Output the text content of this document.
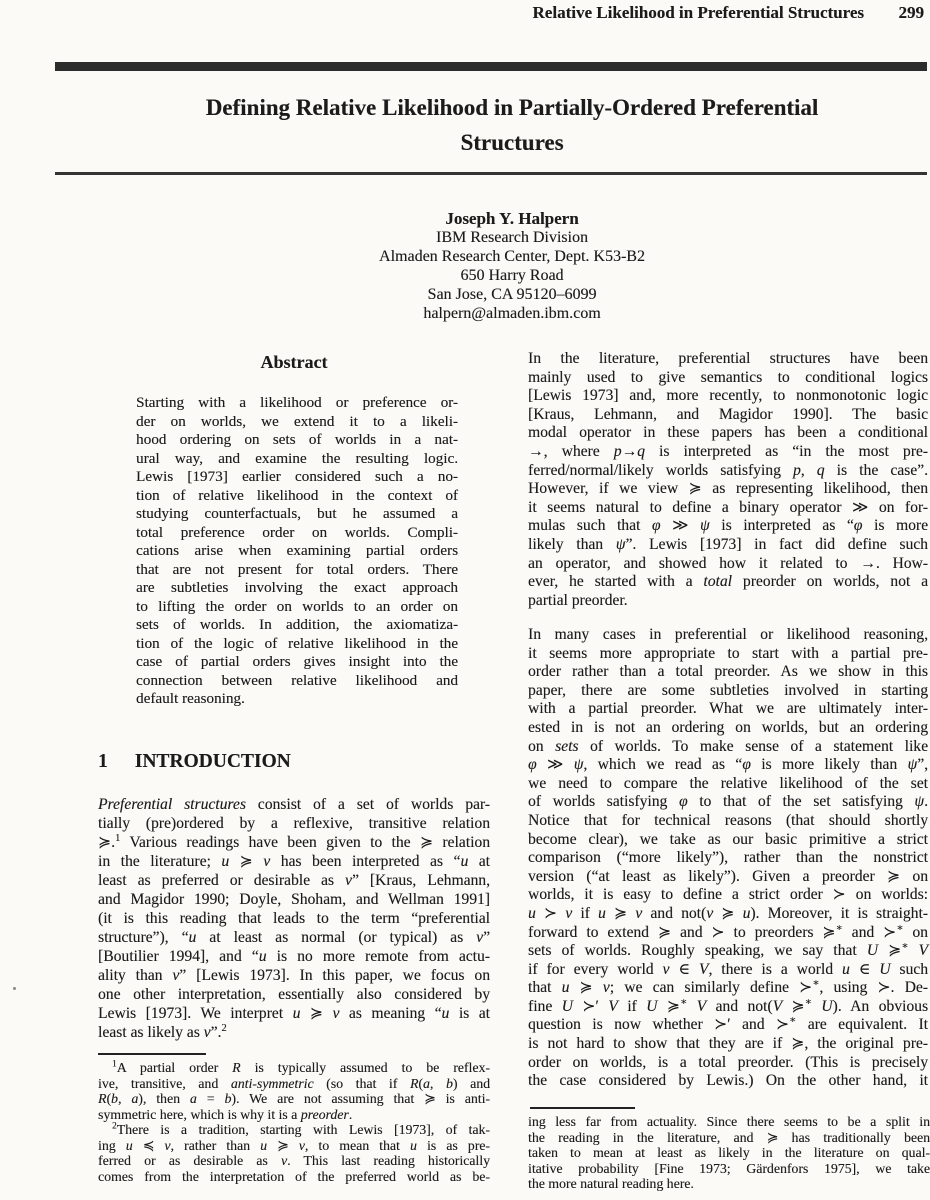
Relative Likelihood in Preferential Structures 299
Defining Relative Likelihood in Partially-Ordered Preferential
Structures
Joseph Y. Halpern
IBM Research Division
Almaden Research Center, Dept. K53-B2
650 Harry Road
San Jose, CA 95120–6099
halpern@almaden.ibm.com
Abstract
Starting with a likelihood or preference or-
der on worlds, we extend it to a likeli-
hood ordering on sets of worlds in a nat-
ural way, and examine the resulting logic.
Lewis [1973] earlier considered such a no-
tion of relative likelihood in the context of
studying counterfactuals, but he assumed a
total preference order on worlds. Compli-
cations arise when examining partial orders
that are not present for total orders. There
are subtleties involving the exact approach
to lifting the order on worlds to an order on
sets of worlds. In addition, the axiomatiza-
tion of the logic of relative likelihood in the
case of partial orders gives insight into the
connection between relative likelihood and
default reasoning.
1 INTRODUCTION
Preferential structures consist of a set of worlds par-
tially (pre)ordered by a reflexive, transitive relation
≽.$^1$ Various readings have been given to the ≽ relation
in the literature; u ≽ v has been interpreted as “u at
least as preferred or desirable as v” [Kraus, Lehmann,
and Magidor 1990; Doyle, Shoham, and Wellman 1991]
(it is this reading that leads to the term “preferential
structure”), “u at least as normal (or typical) as v”
[Boutilier 1994], and “u is no more remote from actu-
ality than v” [Lewis 1973]. In this paper, we focus on
one other interpretation, essentially also considered by
Lewis [1973]. We interpret u ≽ v as meaning “u is at
least as likely as v”.$^2$
$^1$A partial order R is typically assumed to be reflex-
ive, transitive, and anti-symmetric (so that if R(a, b) and
R(b, a), then a = b). We are not assuming that ≽ is anti-
symmetric here, which is why it is a preorder.
$^2$There is a tradition, starting with Lewis [1973], of tak-
ing u ≼ v, rather than u ≽ v, to mean that u is as pre-
ferred or as desirable as v. This last reading historically
comes from the interpretation of the preferred world as be-
In the literature, preferential structures have been
mainly used to give semantics to conditional logics
[Lewis 1973] and, more recently, to nonmonotonic logic
[Kraus, Lehmann, and Magidor 1990]. The basic
modal operator in these papers has been a conditional
→, where p→q is interpreted as “in the most pre-
ferred/normal/likely worlds satisfying p, q is the case”.
However, if we view ≽ as representing likelihood, then
it seems natural to define a binary operator ≫ on for-
mulas such that φ ≫ ψ is interpreted as “φ is more
likely than ψ”. Lewis [1973] in fact did define such
an operator, and showed how it related to →. How-
ever, he started with a total preorder on worlds, not a
partial preorder.
In many cases in preferential or likelihood reasoning,
it seems more appropriate to start with a partial pre-
order rather than a total preorder. As we show in this
paper, there are some subtleties involved in starting
with a partial preorder. What we are ultimately inter-
ested in is not an ordering on worlds, but an ordering
on sets of worlds. To make sense of a statement like
φ ≫ ψ, which we read as “φ is more likely than ψ”,
we need to compare the relative likelihood of the set
of worlds satisfying φ to that of the set satisfying ψ.
Notice that for technical reasons (that should shortly
become clear), we take as our basic primitive a strict
comparison (“more likely”), rather than the nonstrict
version (“at least as likely”). Given a preorder ≽ on
worlds, it is easy to define a strict order ≻ on worlds:
u ≻ v if u ≽ v and not(v ≽ u). Moreover, it is straight-
forward to extend ≽ and ≻ to preorders ≽∗ and ≻∗ on
sets of worlds. Roughly speaking, we say that U ≽∗ V
if for every world v ∈ V, there is a world u ∈ U such
that u ≽ v; we can similarly define ≻∗, using ≻. De-
fine U ≻′ V if U ≽∗ V and not(V ≽∗ U). An obvious
question is now whether ≻′ and ≻∗ are equivalent. It
is not hard to show that they are if ≽, the original pre-
order on worlds, is a total preorder. (This is precisely
the case considered by Lewis.) On the other hand, it
ing less far from actuality. Since there seems to be a split in
the reading in the literature, and ≽ has traditionally been
taken to mean at least as likely in the literature on qual-
itative probability [Fine 1973; Gärdenfors 1975], we take
the more natural reading here.
